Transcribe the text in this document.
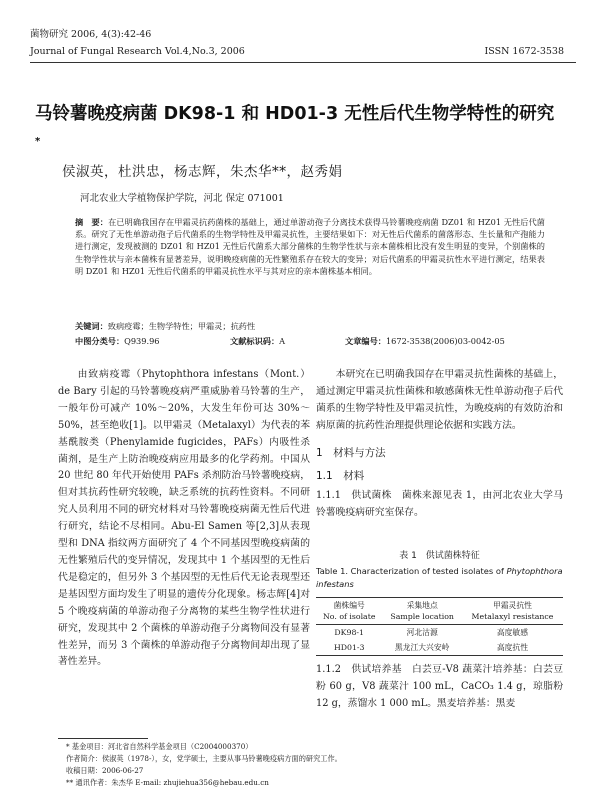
菌物研究 2006, 4(3):42-46
Journal of Fungal Research Vol.4,No.3, 2006	ISSN 1672-3538
马铃薯晚疫病菌 DK98-1 和 HD01-3 无性后代生物学特性的研究*
侯淑英，杜洪忠，杨志辉，朱杰华**，赵秀娟
河北农业大学植物保护学院，河北 保定 071001
摘　要：在已明确我国存在甲霜灵抗药菌株的基础上，通过单游动孢子分离技术获得马铃薯晚疫病菌 DZ01 和 HZ01 无性后代菌系。研究了无性单游动孢子后代菌系的生物学特性及甲霜灵抗性，主要结果如下：对无性后代菌系的菌落形态、生长量和产孢能力进行测定，发现被测的 DZ01 和 HZ01 无性后代菌系大部分菌株的生物学性状与亲本菌株相比没有发生明显的变异，个别菌株的生物学性状与亲本菌株有显著差异，说明晚疫病菌的无性繁殖系存在较大的变异；对后代菌系的甲霜灵抗性水平进行测定，结果表明 DZ01 和 HZ01 无性后代菌系的甲霜灵抗性水平与其对应的亲本菌株基本相同。
关键词：致病疫霉；生物学特性；甲霜灵；抗药性
中图分类号：Q939.96	文献标识码：A	文章编号：1672-3538(2006)03-0042-05

由致病疫霉（Phytophthora infestans（Mont.）de Bary 引起的马铃薯晚疫病严重威胁着马铃薯的生产，一般年份可减产 10%～20%，大发生年份可达 30%～50%，甚至绝收[1]。以甲霜灵（Metalaxyl）为代表的苯基酰胺类（Phenylamide fugicides，PAFs）内吸性杀菌剂，是生产上防治晚疫病应用最多的化学药剂。中国从 20 世纪 80 年代开始使用 PAFs 杀剂防治马铃薯晚疫病，但对其抗药性研究较晚，缺乏系统的抗药性资料。不同研究人员利用不同的研究材料对马铃薯晚疫病菌无性后代进行研究，结论不尽相同。Abu-El Samen 等[2,3]从表现型和 DNA 指纹两方面研究了 4 个不同基因型晚疫病菌的无性繁殖后代的变异情况，发现其中 1 个基因型的无性后代是稳定的，但另外 3 个基因型的无性后代无论表现型还是基因型方面均发生了明显的遗传分化现象。杨志辉[4]对 5 个晚疫病菌的单游动孢子分离物的某些生物学性状进行研究，发现其中 2 个菌株的单游动孢子分离物间没有显著性差异，而另 3 个菌株的单游动孢子分离物间却出现了显著性差异。

本研究在已明确我国存在甲霜灵抗性菌株的基础上，通过测定甲霜灵抗性菌株和敏感菌株无性单游动孢子后代菌系的生物学特性及甲霜灵抗性，为晚疫病的有效防治和病原菌的抗药性治理提供理论依据和实践方法。

1　材料与方法

1.1　材料

1.1.1　供试菌株　 菌株来源见表 1，由河北农业大学马铃薯晚疫病研究室保存。

表 1　供试菌株特征
Table 1. Characterization of tested isolates of Phytophthora infestans
菌株编号	采集地点	甲霜灵抗性
No. of isolate	Sample location	Metalaxyl resistance
DK98-1	河北沽源	高度敏感
HD01-3	黑龙江大兴安岭	高度抗性

1.1.2　供试培养基　 白芸豆-V8 蔬菜汁培养基：白芸豆粉 60 g，V8 蔬菜汁 100 mL，CaCO₃ 1.4 g，琼脂粉 12 g，蒸馏水 1 000 mL。黑麦培养基：黑麦

* 基金项目：河北省自然科学基金项目（C2004000370）
作者简介：侯淑英（1978-），女，党学硕士，主要从事马铃薯晚疫病方面的研究工作。
收稿日期：2006-06-27
** 通讯作者：朱杰华 E-mail: zhujiehua356@hebau.edu.cn
